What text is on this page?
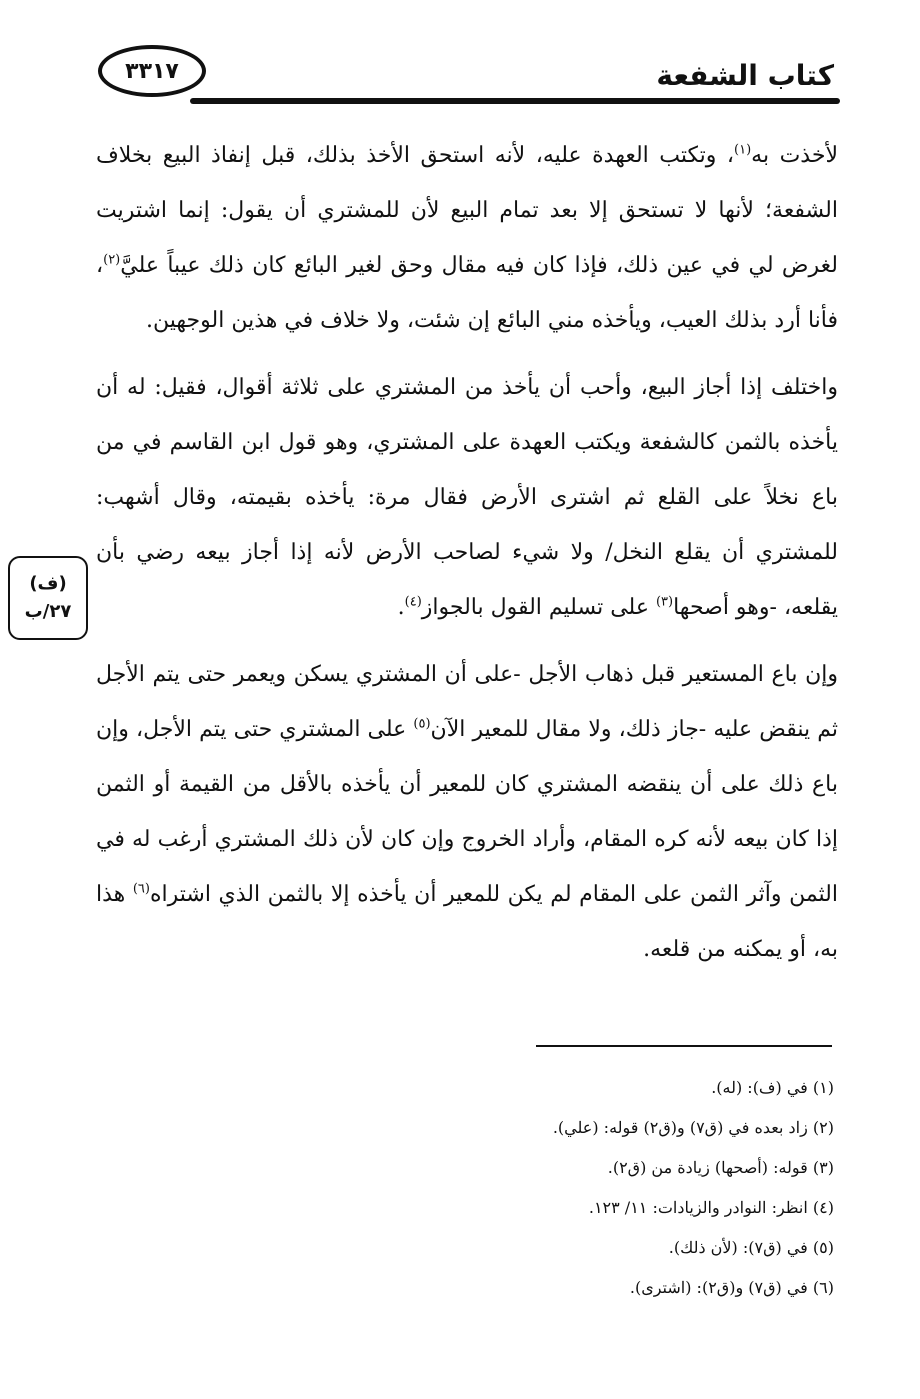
كتاب الشفعة
٣٣١٧

لأخذت به$^{(١)}$، وتكتب العهدة عليه، لأنه استحق الأخذ بذلك، قبل إنفاذ البيع بخلاف الشفعة؛ لأنها لا تستحق إلا بعد تمام البيع لأن للمشتري أن يقول: إنما اشتريت لغرض لي في عين ذلك، فإذا كان فيه مقال وحق لغير البائع كان ذلك عيباً عليَّ$^{(٢)}$، فأنا أرد بذلك العيب، ويأخذه مني البائع إن شئت، ولا خلاف في هذين الوجهين.

واختلف إذا أجاز البيع، وأحب أن يأخذ من المشتري على ثلاثة أقوال، فقيل: له أن يأخذه بالثمن كالشفعة ويكتب العهدة على المشتري، وهو قول ابن القاسم في من باع نخلاً على القلع ثم اشترى الأرض فقال مرة: يأخذه بقيمته، وقال أشهب: للمشتري أن يقلع النخل/ ولا شيء لصاحب الأرض لأنه إذا أجاز بيعه رضي بأن يقلعه، -وهو أصحها$^{(٣)}$ على تسليم القول بالجواز$^{(٤)}$.

وإن باع المستعير قبل ذهاب الأجل -على أن المشتري يسكن ويعمر حتى يتم الأجل ثم ينقض عليه -جاز ذلك، ولا مقال للمعير الآن$^{(٥)}$ على المشتري حتى يتم الأجل، وإن باع ذلك على أن ينقضه المشتري كان للمعير أن يأخذه بالأقل من القيمة أو الثمن إذا كان بيعه لأنه كره المقام، وأراد الخروج وإن كان لأن ذلك المشتري أرغب له في الثمن وآثر الثمن على المقام لم يكن للمعير أن يأخذه إلا بالثمن الذي اشتراه$^{(٦)}$ هذا به، أو يمكنه من قلعه.

(ف)
٢٧/ب
(١) في (ف): (له).
(٢) زاد بعده في (ق٧) و(ق٢) قوله: (علي).
(٣) قوله: (أصحها) زيادة من (ق٢).
(٤) انظر: النوادر والزيادات: ١١/ ١٢٣.
(٥) في (ق٧): (لأن ذلك).
(٦) في (ق٧) و(ق٢): (اشترى).
